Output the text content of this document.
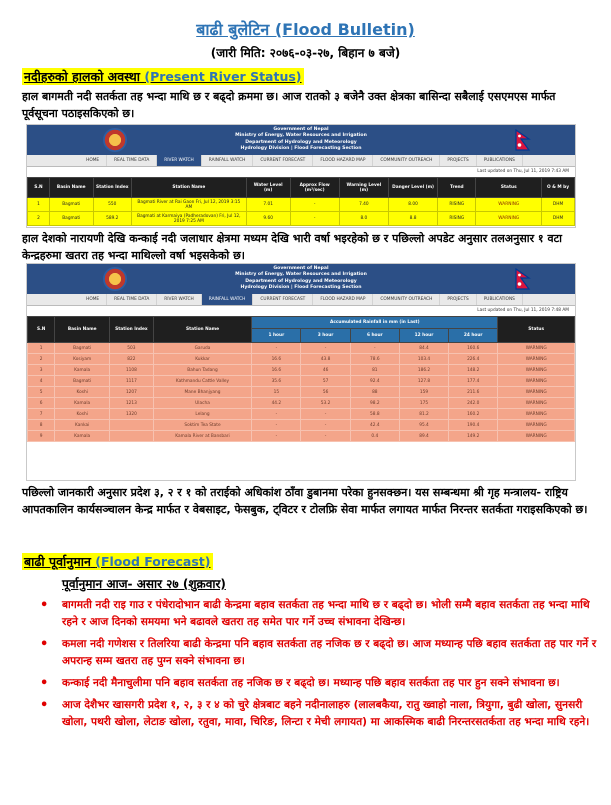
बाढी बुलेटिन (Flood Bulletin)
(जारी मिति: २०७६-०३-२७, बिहान ७ बजे)
नदीहरुको हालको अवस्था (Present River Status)
हाल बागमती नदी सतर्कता तह भन्दा माथि छ र बढ्दो क्रममा छ। आज रातको ३ बजेनै उक्त क्षेत्रका बासिन्दा सबैलाई एसएमएस मार्फत पूर्वसूचना पठाइसकिएको छ।
Government of Nepal
Ministry of Energy, Water Resources and Irrigation
Department of Hydrology and Meteorology
Hydrology Division | Flood Forecasting Section
HOME	REAL TIME DATA	RIVER WATCH	RAINFALL WATCH	CURRENT FORECAST	FLOOD HAZARD MAP	COMMUNITY OUTREACH	PROJECTS	PUBLICATIONS
Last updated on Thu, Jul 11, 2019 7:43 AM
S.N	Basin Name	Station Index	Station Name	Water Level (m)	Approx Flow (m³/sec)	Warning Level (m)	Danger Level (m)	Trend	Status	O & M by
1	Bagmati	550	Bagmati River at Rai Gaon Fri, Jul 12, 2019 3:15 AM	7.01	-	7.40	8.00	RISING	WARNING	DHM
2	Bagmati	589.2	Bagmati at Karmaiya (Padheradovan) Fri, Jul 12, 2019 7:25 AM	9.60	-	8.0	8.8	RISING	WARNING	DHM
हाल देशको नारायणी देखि कन्काई नदी जलाधार क्षेत्रमा मध्यम देखि भारी वर्षा भइरहेको छ र पछिल्लो अपडेट अनुसार तलअनुसार १ वटा केन्द्रहरुमा खतरा तह भन्दा माथिल्लो वर्षा भइसकेको छ।
Government of Nepal
Ministry of Energy, Water Resources and Irrigation
Department of Hydrology and Meteorology
Hydrology Division | Flood Forecasting Section
HOME	REAL TIME DATA	RIVER WATCH	RAINFALL WATCH	CURRENT FORECAST	FLOOD HAZARD MAP	COMMUNITY OUTREACH	PROJECTS	PUBLICATIONS
Last updated on Thu, Jul 11, 2019 7:48 AM
S.N	Basin Name	Station Index	Station Name	Accumulated Rainfall in mm (in Last)					Status
				1 hour	3 hour	6 hour	12 hour	24 hour	
1	Bagmati	503	Garuda	-	-	-	84.4	160.6	WARNING
2	Kosiyam	822	Kukkar	16.6	43.8	78.6	103.4	226.4	WARNING
3	Kamala	1108	Bahun Tadang	16.6	46	81	186.2	148.2	WARNING
4	Bagmati	1117	Kathmandu Cattle Valley	35.6	57	92.4	127.8	177.4	WARNING
5	Koshi	1207	Mane Bhanjyang	15	56	88	159	211.6	WARNING
6	Kamala	1213	Ulacha	44.2	53.2	98.2	175	242.0	WARNING
7	Koshi	1320	Lelang	-	-	58.8	81.2	160.2	WARNING
8	Kankai		Soktim Tea State	-	-	42.4	95.4	190.4	WARNING
9	Kamala		Kamala River at Bansbari	-	-	0.4	89.4	149.2	WARNING
पछिल्लो जानकारी अनुसार प्रदेश ३, २ र १ को तराईको अधिकांश ठाँवा डुबानमा परेका हुनसक्छन। यस सम्बन्धमा श्री गृह मन्त्रालय- राष्ट्रिय आपतकालिन कार्यसञ्चालन केन्द्र मार्फत र वेबसाइट, फेसबुक, ट्विटर र टोलफ्रि सेवा मार्फत लगायत मार्फत निरन्तर सतर्कता गराइसकिएको छ।
बाढी पूर्वानुमान (Flood Forecast)
पूर्वानुमान आज- असार २७ (शुक्रवार)
• बागमती नदी राइ गाउ र पंधेरादोभान बाढी केन्द्रमा बहाव सतर्कता तह भन्दा माथि छ र बढ्दो छ। भोली सम्मै बहाव सतर्कता तह भन्दा माथि रहने र आज दिनको समयमा भने बढावले खतरा तह समेत पार गर्ने उच्च संभावना देखिन्छ।
• कमला नदी गणेशस र तिलरिया बाढी केन्द्रमा पनि बहाव सतर्कता तह नजिक छ र बढ्दो छ। आज मध्यान्ह पछि बहाव सतर्कता तह पार गर्ने र अपरान्ह सम्म खतरा तह पुग्न सक्ने संभावना छ।
• कन्काई नदी मैनाचुलीमा पनि बहाव सतर्कता तह नजिक छ र बढ्दो छ। मध्यान्ह पछि बहाव सतर्कता तह पार हुन सक्ने संभावना छ।
• आज देशैभर खासगरी प्रदेश १, २, ३ र ४ को चुरे क्षेत्रबाट बहने नदीनालाहरु (लालबकैया, रातु ख्वाहो नाला, त्रियुगा, बुढी खोला, सुनसरी खोला, पथरी खोला, लेटाङ खोला, रतुवा, मावा, चिरिङ, लिन्टा र मेची लगायत) मा आकस्मिक बाढी निरन्तरसतर्कता तह भन्दा माथि रहने।
